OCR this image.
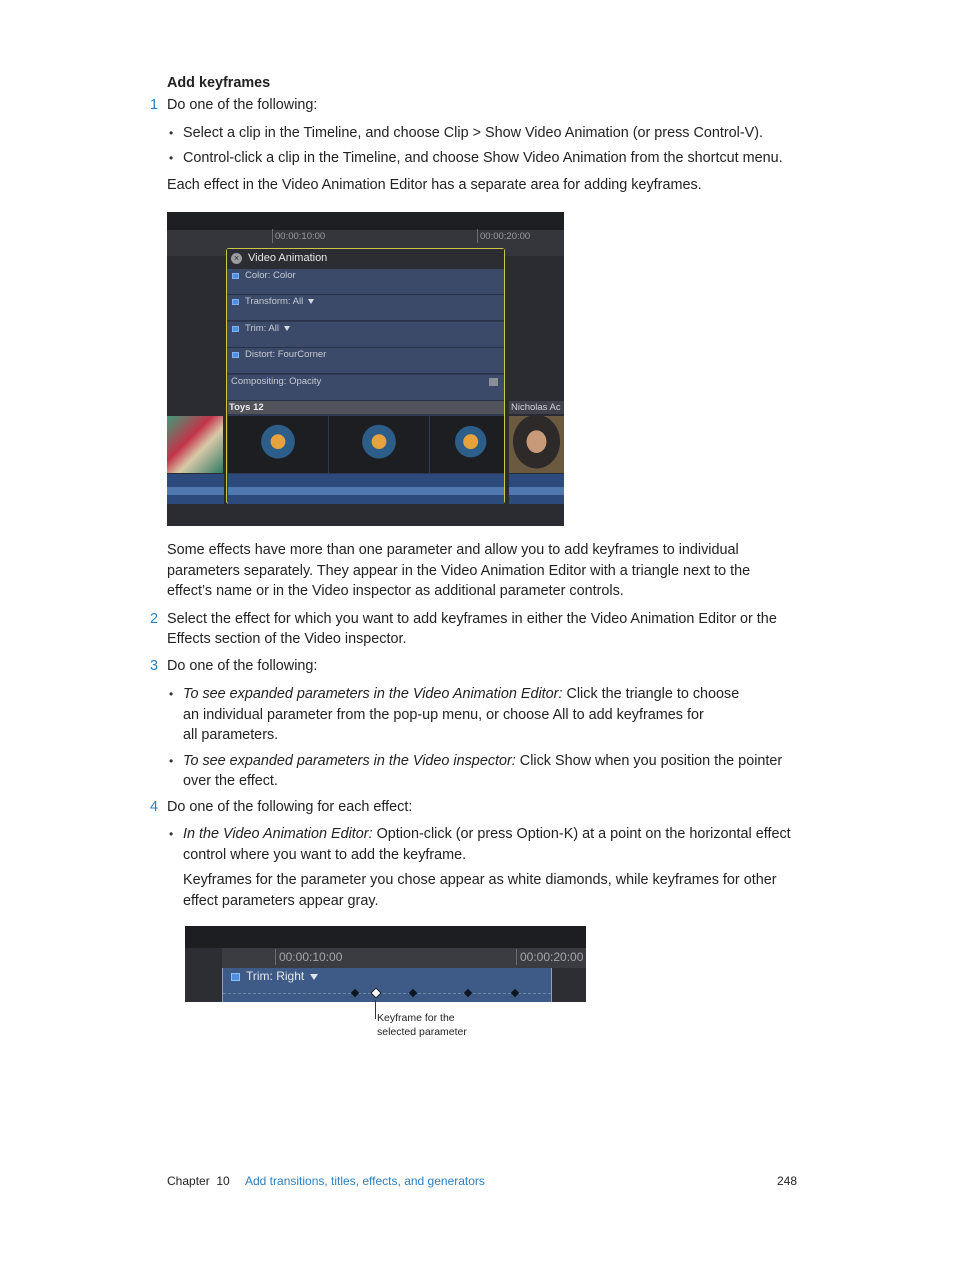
Add keyframes
1 Do one of the following:
• Select a clip in the Timeline, and choose Clip > Show Video Animation (or press Control-V).
• Control-click a clip in the Timeline, and choose Show Video Animation from the shortcut menu.
Each effect in the Video Animation Editor has a separate area for adding keyframes.
00:00:10:00	00:00:20:00
× Video Animation
Color: Color
Transform: All
Trim: All
Distort: FourCorner
Compositing: Opacity
Toys 12	Nicholas Ac
Some effects have more than one parameter and allow you to add keyframes to individual
parameters separately. They appear in the Video Animation Editor with a triangle next to the
effect’s name or in the Video inspector as additional parameter controls.
2 Select the effect for which you want to add keyframes in either the Video Animation Editor or the
Effects section of the Video inspector.
3 Do one of the following:
• To see expanded parameters in the Video Animation Editor: Click the triangle to choose
an individual parameter from the pop-up menu, or choose All to add keyframes for
all parameters.
• To see expanded parameters in the Video inspector: Click Show when you position the pointer
over the effect.
4 Do one of the following for each effect:
• In the Video Animation Editor: Option-click (or press Option-K) at a point on the horizontal effect
control where you want to add the keyframe.
Keyframes for the parameter you chose appear as white diamonds, while keyframes for other
effect parameters appear gray.
00:00:10:00	00:00:20:00
Trim: Right
Keyframe for the
selected parameter
Chapter 10 Add transitions, titles, effects, and generators	248
